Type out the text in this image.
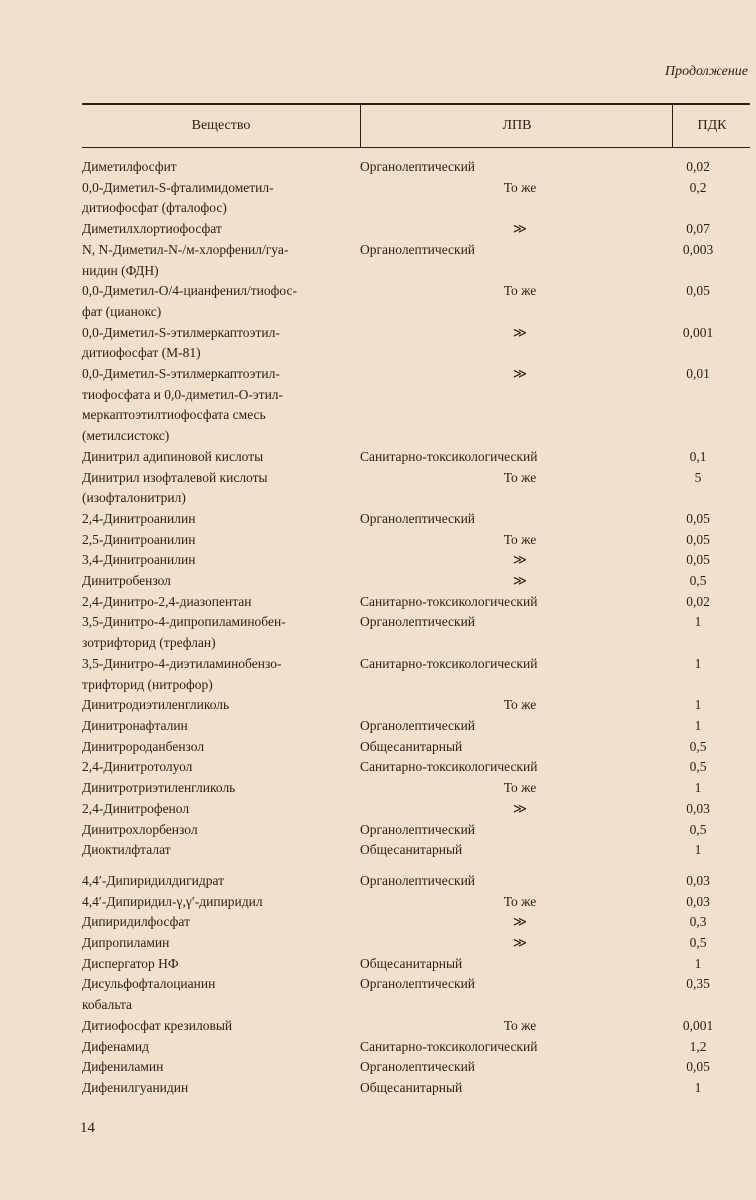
Продолжение
Вещество	ЛПВ	ПДК
Диметилфосфит	Органолептический	0,02
0,0-Диметил-S-фталимидометил-
дитиофосфат (фталофос)
То же	0,2
Диметилхлортиофосфат	≫	0,07
N, N-Диметил-N-/м-хлорфенил/гуа-
нидин (ФДН)
Органолептический	0,003
0,0-Диметил-O/4-цианфенил/тиофос-
фат (цианокс)
То же	0,05
0,0-Диметил-S-этилмеркаптоэтил-
дитиофосфат (М-81)
≫	0,001
0,0-Диметил-S-этилмеркаптоэтил-
тиофосфата и 0,0-диметил-О-этил-
меркаптоэтилтиофосфата смесь
(метилсистокс)
≫	0,01
Динитрил адипиновой кислоты	Санитарно-токсикологический	0,1
Динитрил изофталевой кислоты
(изофталонитрил)
То же	5
2,4-Динитроанилин	Органолептический	0,05
2,5-Динитроанилин	То же	0,05
3,4-Динитроанилин	≫	0,05
Динитробензол	≫	0,5
2,4-Динитро-2,4-диазопентан	Санитарно-токсикологический	0,02
3,5-Динитро-4-дипропиламинобен-
зотрифторид (трефлан)
Органолептический	1
3,5-Динитро-4-диэтиламинобензо-
трифторид (нитрофор)
Санитарно-токсикологический	1
Динитродиэтиленгликоль	То же	1
Динитронафталин	Органолептический	1
Динитророданбензол	Общесанитарный	0,5
2,4-Динитротолуол	Санитарно-токсикологический	0,5
Динитротриэтиленгликоль	То же	1
2,4-Динитрофенол	≫	0,03
Динитрохлорбензол	Органолептический	0,5
Диоктилфталат	Общесанитарный	1
4,4′-Дипиридилдигидрат	Органолептический	0,03
4,4′-Дипиридил-γ,γ′-дипиридил	То же	0,03
Дипиридилфосфат	≫	0,3
Дипропиламин	≫	0,5
Диспергатор НФ	Общесанитарный	1
Дисульфофталоцианин
кобальта
Органолептический	0,35
Дитиофосфат крезиловый	То же	0,001
Дифенамид	Санитарно-токсикологический	1,2
Дифениламин	Органолептический	0,05
Дифенилгуанидин	Общесанитарный	1
14
